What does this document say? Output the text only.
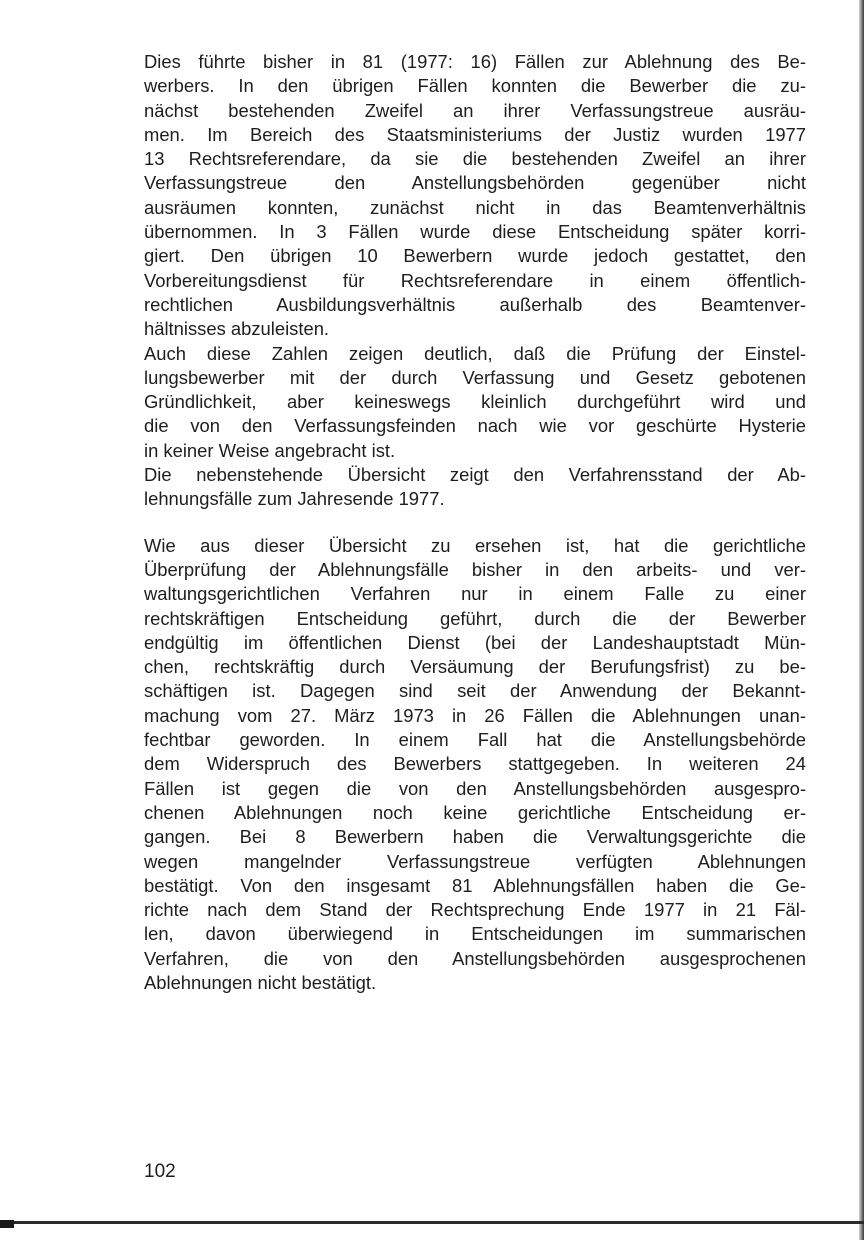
Dies führte bisher in 81 (1977: 16) Fällen zur Ablehnung des Be-
werbers. In den übrigen Fällen konnten die Bewerber die zu-
nächst bestehenden Zweifel an ihrer Verfassungstreue ausräu-
men. Im Bereich des Staatsministeriums der Justiz wurden 1977
13 Rechtsreferendare, da sie die bestehenden Zweifel an ihrer
Verfassungstreue den Anstellungsbehörden gegenüber nicht
ausräumen konnten, zunächst nicht in das Beamtenverhältnis
übernommen. In 3 Fällen wurde diese Entscheidung später korri-
giert. Den übrigen 10 Bewerbern wurde jedoch gestattet, den
Vorbereitungsdienst für Rechtsreferendare in einem öffentlich-
rechtlichen Ausbildungsverhältnis außerhalb des Beamtenver-
hältnisses abzuleisten.

Auch diese Zahlen zeigen deutlich, daß die Prüfung der Einstel-
lungsbewerber mit der durch Verfassung und Gesetz gebotenen
Gründlichkeit, aber keineswegs kleinlich durchgeführt wird und
die von den Verfassungsfeinden nach wie vor geschürte Hysterie
in keiner Weise angebracht ist.

Die nebenstehende Übersicht zeigt den Verfahrensstand der Ab-
lehnungsfälle zum Jahresende 1977.

Wie aus dieser Übersicht zu ersehen ist, hat die gerichtliche
Überprüfung der Ablehnungsfälle bisher in den arbeits- und ver-
waltungsgerichtlichen Verfahren nur in einem Falle zu einer
rechtskräftigen Entscheidung geführt, durch die der Bewerber
endgültig im öffentlichen Dienst (bei der Landeshauptstadt Mün-
chen, rechtskräftig durch Versäumung der Berufungsfrist) zu be-
schäftigen ist. Dagegen sind seit der Anwendung der Bekannt-
machung vom 27. März 1973 in 26 Fällen die Ablehnungen unan-
fechtbar geworden. In einem Fall hat die Anstellungsbehörde
dem Widerspruch des Bewerbers stattgegeben. In weiteren 24
Fällen ist gegen die von den Anstellungsbehörden ausgespro-
chenen Ablehnungen noch keine gerichtliche Entscheidung er-
gangen. Bei 8 Bewerbern haben die Verwaltungsgerichte die
wegen mangelnder Verfassungstreue verfügten Ablehnungen
bestätigt. Von den insgesamt 81 Ablehnungsfällen haben die Ge-
richte nach dem Stand der Rechtsprechung Ende 1977 in 21 Fäl-
len, davon überwiegend in Entscheidungen im summarischen
Verfahren, die von den Anstellungsbehörden ausgesprochenen
Ablehnungen nicht bestätigt.

102
